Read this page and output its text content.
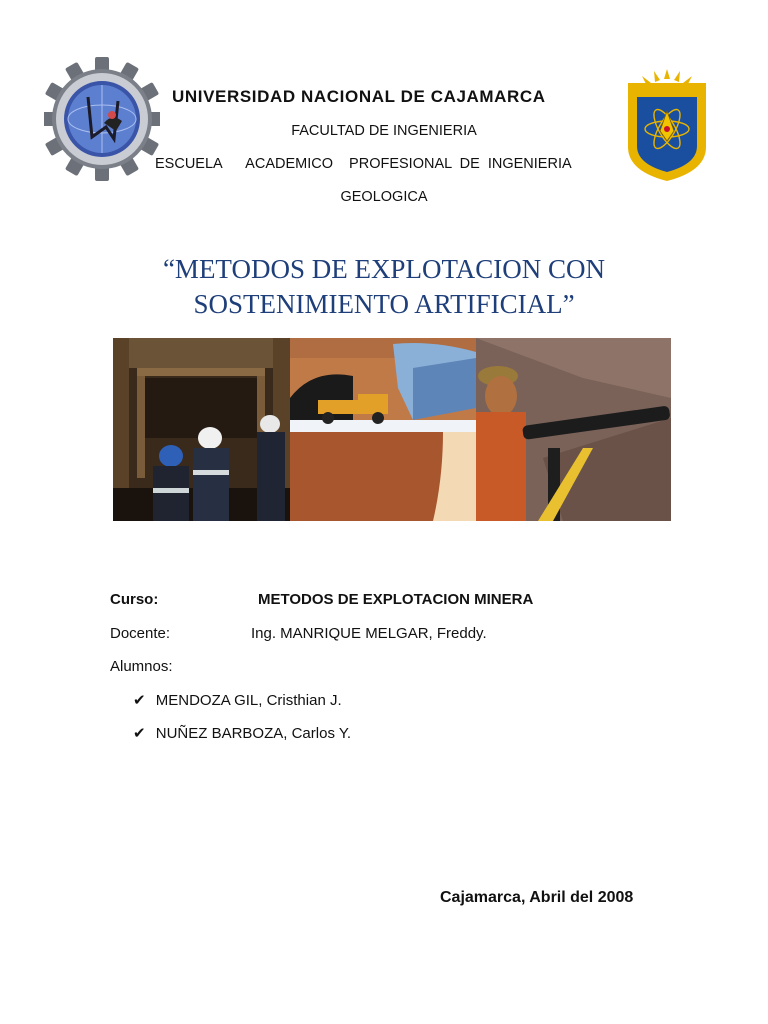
UNIVERSIDAD NACIONAL DE CAJAMARCA
FACULTAD DE INGENIERIA
ESCUELA   ACADEMICO  PROFESIONAL DE INGENIERIA
GEOLOGICA
“METODOS DE EXPLOTACION CON
SOSTENIMIENTO ARTIFICIAL”
Curso:	METODOS DE EXPLOTACION MINERA
Docente:	Ing. MANRIQUE MELGAR, Freddy.
Alumnos:
✔ MENDOZA GIL, Cristhian J.
✔ NUÑEZ BARBOZA, Carlos Y.
Cajamarca, Abril del 2008
